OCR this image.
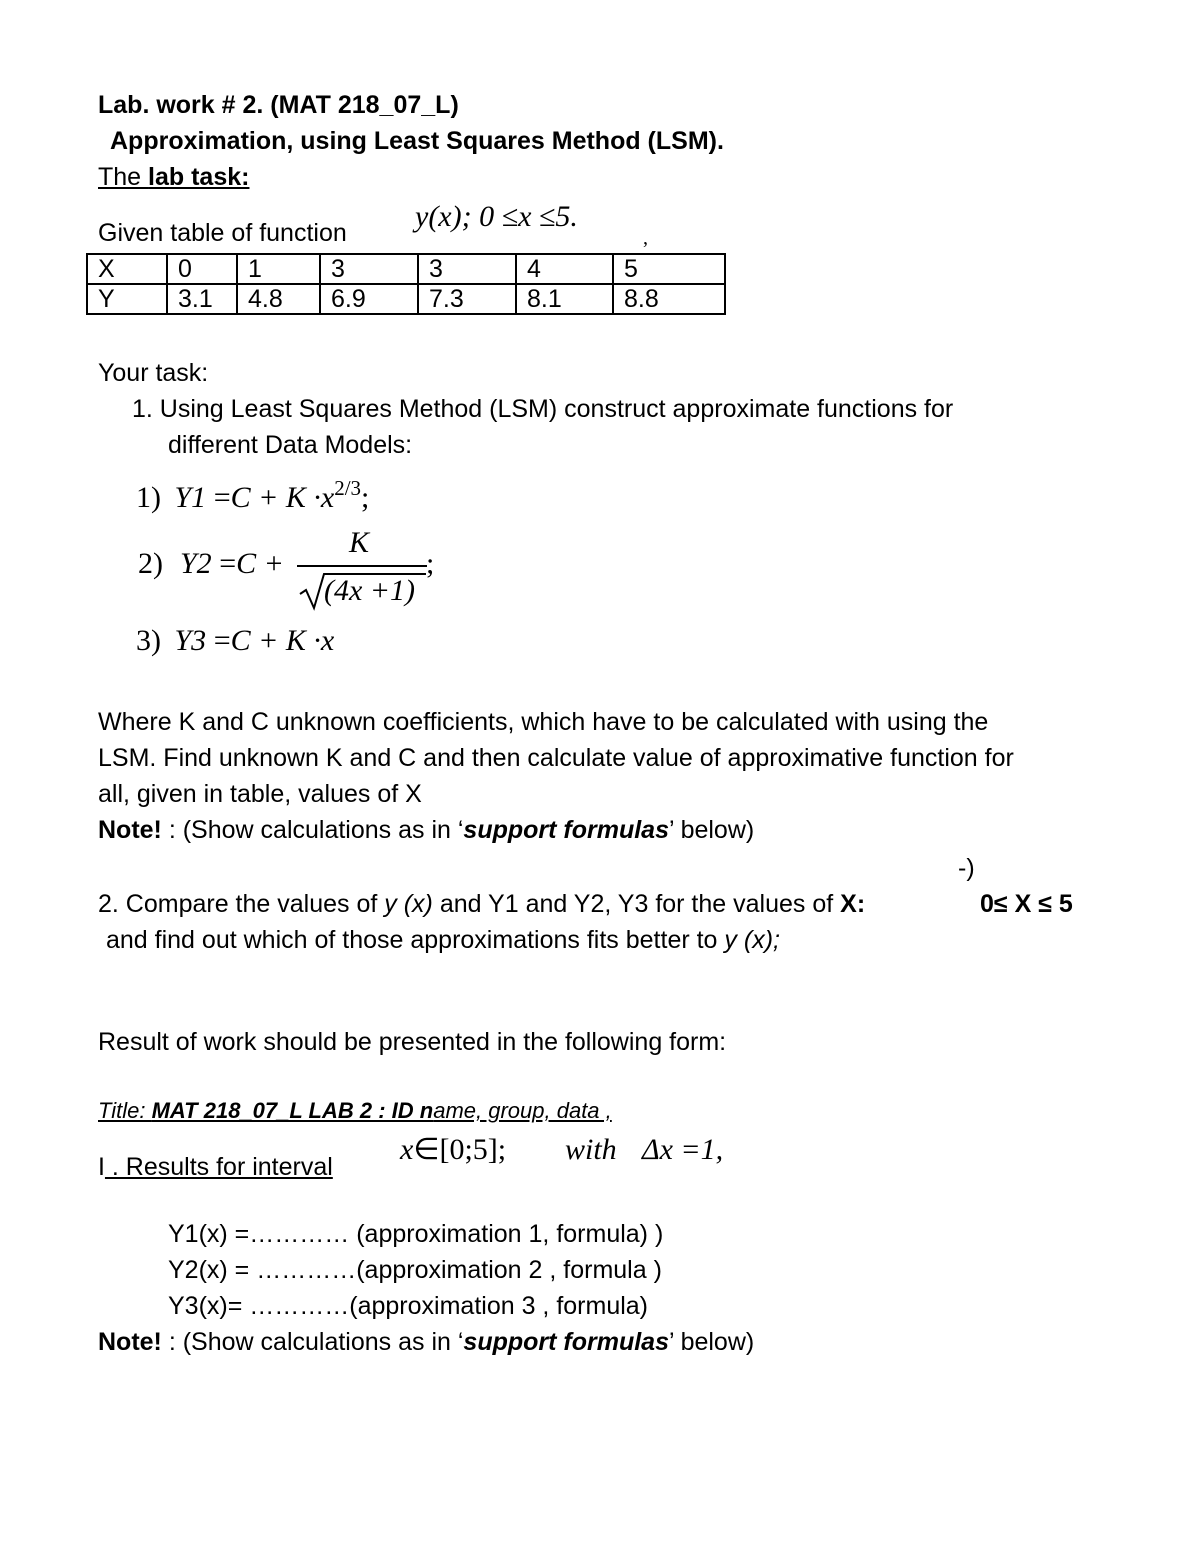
Lab. work # 2. (MAT 218_07_L)
Approximation, using Least Squares Method (LSM).
The lab task:
Given table of function y(x); 0 ≤x ≤5.
,
X	0	1	3	3	4	5
Y	3.1	4.8	6.9	7.3	8.1	8.8
Your task:
1. Using Least Squares Method (LSM) construct approximate functions for
different Data Models:
1) $Y1 =C + K \cdot x^{2/3}$;
2) Y2 =C +
K
(4x +1)
;
3) Y3 =C + K ·x
Where K and C unknown coefficients, which have to be calculated with using the
LSM. Find unknown K and C and then calculate value of approximative function for
all, given in table, values of X
Note! : (Show calculations as in ‘support formulas’ below)
-)
2. Compare the values of y (x) and Y1 and Y2, Y3 for the values of X:	0≤ X ≤ 5
and find out which of those approximations fits better to y (x);
Result of work should be presented in the following form:
Title: MAT 218_07_L LAB 2 : ID name, group, data ,
I . Results for interval
x∈[0;5]; with Δx =1,
Y1(x) =………… (approximation 1, formula) )
Y2(x) = …………(approximation 2 , formula )
Y3(x)= …………(approximation 3 , formula)
Note! : (Show calculations as in ‘support formulas’ below)
